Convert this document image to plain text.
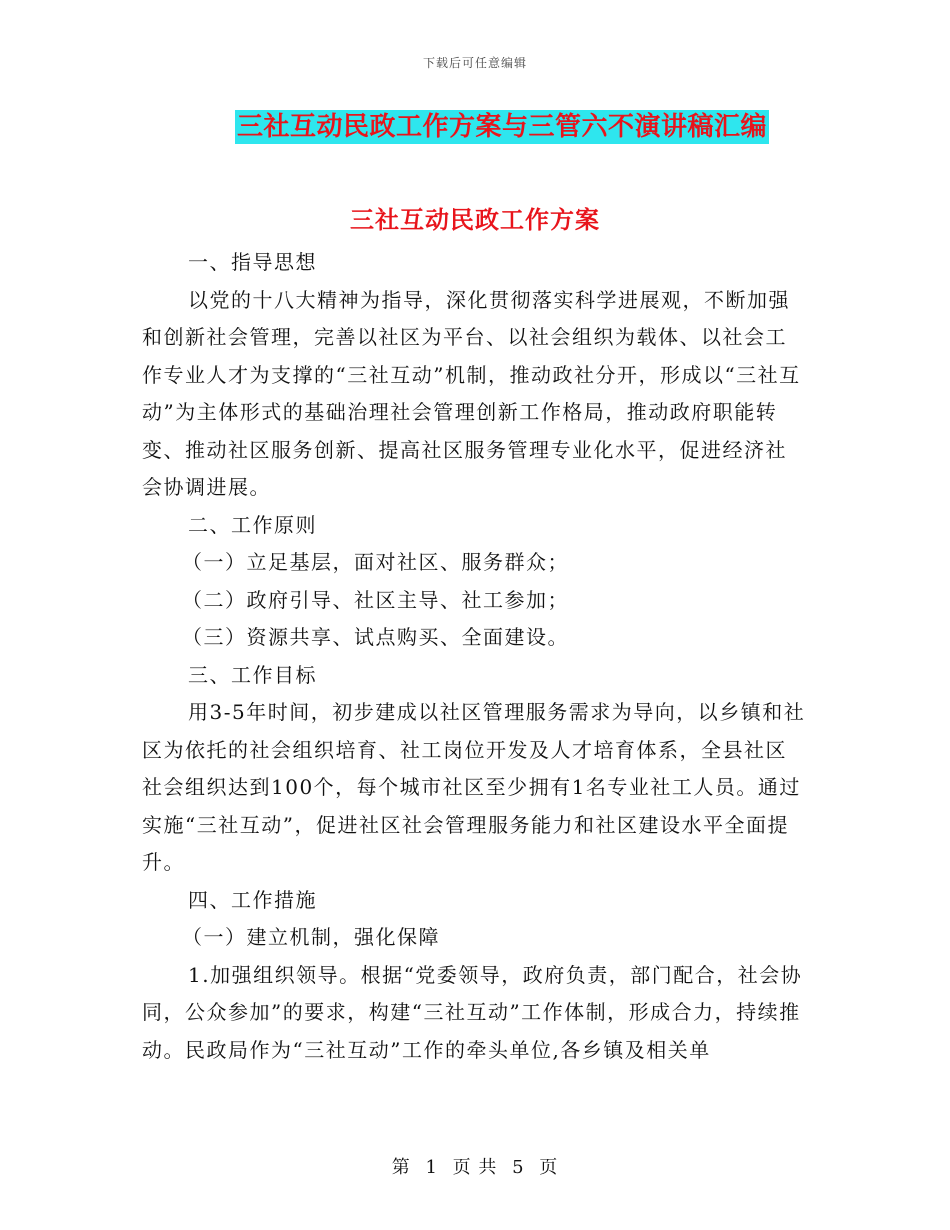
下载后可任意编辑
三社互动民政工作方案与三管六不演讲稿汇编
三社互动民政工作方案

一、指导思想

以党的十八大精神为指导，深化贯彻落实科学进展观，不断加强和创新社会管理，完善以社区为平台、以社会组织为载体、以社会工作专业人才为支撑的“三社互动”机制，推动政社分开，形成以“三社互动”为主体形式的基础治理社会管理创新工作格局，推动政府职能转变、推动社区服务创新、提高社区服务管理专业化水平，促进经济社会协调进展。

二、工作原则

（一）立足基层，面对社区、服务群众；

（二）政府引导、社区主导、社工参加；

（三）资源共享、试点购买、全面建设。

三、工作目标

用3-5年时间，初步建成以社区管理服务需求为导向，以乡镇和社区为依托的社会组织培育、社工岗位开发及人才培育体系，全县社区社会组织达到100个，每个城市社区至少拥有1名专业社工人员。通过实施“三社互动”，促进社区社会管理服务能力和社区建设水平全面提升。

四、工作措施

（一）建立机制，强化保障

1.加强组织领导。根据“党委领导，政府负责，部门配合，社会协同，公众参加”的要求，构建“三社互动”工作体制，形成合力，持续推动。民政局作为“三社互动”工作的牵头单位,各乡镇及相关单

第 1 页 共 5 页
